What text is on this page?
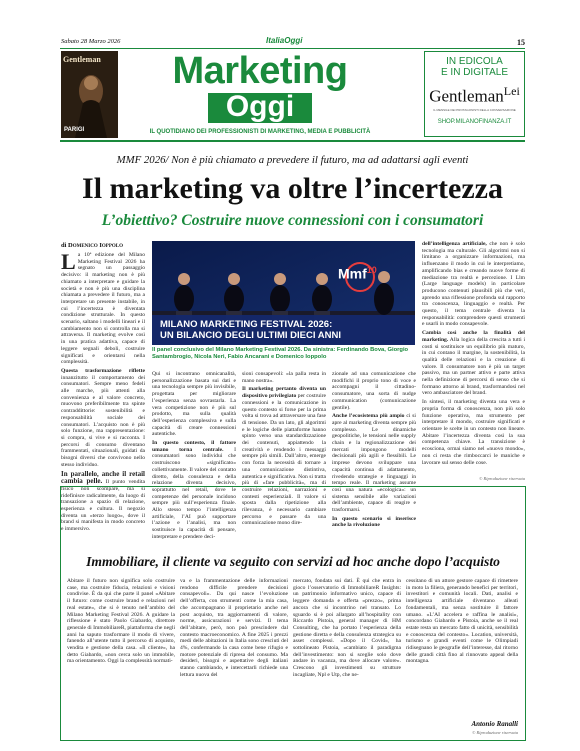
Sabato 28 Marzo 2026	ItaliaOggi	15
Gentleman
PARIGI
Marketing
Oggi
IL QUOTIDIANO DEI PROFESSIONISTI DI MARKETING, MEDIA E PUBBLICITÀ
IN EDICOLA
E IN DIGITALE
Gentleman$^{Lei}$
IL MENSILE DEI PROTAGONISTI DELLA CONVERSAZIONE
SHOP.MILANOFINANZA.IT
MMF 2026/ Non è più chiamato a prevedere il futuro, ma ad adattarsi agli eventi
Il marketing va oltre l’incertezza
L’obiettivo? Costruire nuove connessioni con i consumatori
di Domenico Ioppolo
Mmf$^{10}$
MILANO MARKETING FESTIVAL 2026:
UN BILANCIO DEGLI ULTIMI DIECI ANNI
Il panel conclusivo del Milano Marketing Festival 2026. Da sinistra: Ferdinando Bova, Giorgio Santambrogio, Nicola Neri, Fabio Ancarani e Domenico Ioppolo

La 10ª edizione del Milano Marketing Festival 2026 ha segnato un passaggio decisivo: il marketing non è più chiamato a interpretare e guidare la società e non è più una disciplina chiamata a prevedere il futuro, ma a interpretare un presente instabile, in cui l’incertezza è diventata condizione strutturale. In questo scenario, saltano i modelli lineari e il cambiamento non si controlla ma si attraversa. Il marketing evolve così in una pratica adattiva, capace di leggere segnali deboli, costruire significati e orientarsi nella complessità.

Questa trasformazione riflette innanzitutto il comportamento dei consumatori. Sempre meno fedeli alle marche, più attenti alla convenienza e al valore concreto, muovono preferibilmente tra spinte contraddittorie: sostenibilità e responsabilità sociale dei consumatori. L’acquisto non è più solo funzione, ma rappresentazione: si compra, si vive e si racconta. I percorsi di consumo diventano frammentati, situazionali, guidati da bisogni diversi che convivono nello stesso individuo.

In parallelo, anche il retail cambia pelle. Il punto vendita fisico non scompare, ma si ridefinisce radicalmente, da luogo di transazione a spazio di relazione, esperienza e cultura. Il negozio diventa un «terzo luogo», dove il brand si manifesta in modo concreto e immersivo.

Qui si incontrano omnicanalità, personalizzazione basata sui dati e una tecnologia sempre più invisibile, progettata per migliorare l’esperienza senza sovrastarla. La vera competizione non è più sul prodotto, ma sulla qualità dell’esperienza complessiva e sulla capacità di creare connessioni autentiche.

In questo contesto, il fattore umano torna centrale. I consumatori sono individui che costruiscono «significato» collettivamente. Il valore del contatto diretto, della consulenza e della relazione diventa decisivo, soprattutto nel retail, dove le competenze del personale incidono sempre più sull’esperienza finale. Allo stesso tempo l’intelligenza artificiale, l’AI può supportare l’azione e l’analisi, ma non sostituisce la capacità di pensare, interpretare e prendere deci-

sioni consapevoli: «la palla resta in mano nostra».

Il marketing pertanto diventa un dispositivo privilegiato per costruire connessioni e la comunicazione in questo contesto si forse per la prima volta si trova ad attraversare una fase di tensione. Da un lato, gli algoritmi e le logiche delle piattaforme hanno spinto verso una standardizzazione dei contenuti, appiattendo la creatività e rendendo i messaggi sempre più simili. Dall’altro, emerge con forza la necessità di tornare a una comunicazione distintiva, autentica e significativa. Non si tratta più di «fare pubblicità», ma di costruire relazioni, narrazioni e contesti esperienziali. Il valore si sposta dalla ripetizione alla rilevanza, è necessario cambiare percorso e passare da una comunicazione mono dire-

zionale ad una comunicazione che modifichi il proprio tono di voce e accompagni il cittadino-consumatore, una sorta di nudge communication (comunicazione gentile).

Anche l’ecosistema più ampio ci si apre al marketing diventa sempre più complesso. Le dinamiche geopolitiche, le tensioni nelle supply chain e la regionalizzazione dei mercati impongono modelli decisionali più agili e flessibili. Le imprese devono sviluppare una capacità continua di adattamento, rivedendo strategie e linguaggi in tempo reale. Il marketing assume così una natura «ecologica»: un sistema sensibile alle variazioni dell’ambiente, capace di reagire e trasformarsi.

In questo scenario si inserisce anche la rivoluzione

dell’intelligenza artificiale, che non è solo tecnologia ma culturale. Gli algoritmi non si limitano a organizzare informazioni, ma influenzano il modo in cui le interpretiamo, amplificando bias e creando nuove forme di mediazione tra realtà e percezione. I Llm (Large language models) in particolare producono contenuti plausibili più che veri, aprendo una riflessione profonda sul rapporto tra conoscenza, linguaggio e realtà. Per questo, il tema centrale diventa la responsabilità: comprendere questi strumenti e usarli in modo consapevole.

Cambia così anche la finalità del marketing. Alla logica della crescita a tutti i costi si sostituisce un equilibrio più maturo, in cui contano il margine, la sostenibilità, la qualità delle relazioni e la creazione di valore. Il consumatore non è più un target passivo, ma un partner attivo e parte attiva nella definizione di percorsi di senso che si formano attorno ai brand, trasformandosi nel vero ambasciatore del brand.

In sintesi, il marketing diventa una vera e propria forma di conoscenza, non più solo funzione operativa, ma strumento per interpretare il mondo, costruire significati e orientare le scelte in un contesto non lineare. Abitare l’incertezza diventa così la sua competenza chiave. La transizione è ecosciona, ormai siamo nel «nuovo mondo», non ci resta che rimboccarci le maniche e lavorare sul senso delle cose.

© Riproduzione riservata
Immobiliare, il cliente va seguito con servizi ad hoc anche dopo l’acquisto
Abitare il futuro non significa solo costruire case, ma costruire fiducia, relazioni e visioni condivise. È da qui che parte il panel «Abitare il futuro: come costruire brand e relazioni nel real estate», che si è tenuto nell’ambito del Milano Marketing Festival 2026. A guidare la riflessione è stato Paolo Giabardo, direttore generale di ImmobiliareR, piattaforma che negli anni ha saputo trasformare il modo di vivere, fanendo all’utente tutto il percorso di acquisto, vendita e gestione della casa. «Il cliente», ha detto Giabardo, «non cerca solo un immobile, ma orientamento. Oggi la complessità normati-
va e la frammentazione delle informazioni rendono difficile prendere decisioni consapevoli». Da qui nasce l’evoluzione dell’offerta, con strumenti come la mia casa, che accompagnano il proprietario anche nel post acquisto, tra aggiornamenti di valore, norme, assicurazioni e servizi. Il tema dell’abitare, però, non può prescindere dal contesto macroeconomico. A fine 2025 i prezzi medi delle abitazioni in Italia sono cresciuti del 4%, confermando la casa come bene rifugio e motore potenziale di ripresa del consumo. Ma desideri, bisogni e aspettative degli italiani stanno cambiando, e intercettarli richiede una lettura nuova del
mercato, fondata sui dati. È qui che entra in gioco l’osservatorio di ImmobiliareR Insights: un patrimonio informativo unico, capace di leggere domanda e offerta «prezzo», prima ancora che si incontrino nel transato. Lo sguardo si è poi allargato all’hospitality con Riccardo Pistoia, general manager di HM Consulting, che ha portato l’esperienza della gestione diretta e della consulenza strategica su asset complessi. «Dopo il Covid», ha sottolineato Pistoia, «cambiato il paradigma dell’investimento: non si sceglie solo dove andare in vacanza, ma dove allocare valore». Crescono gli investimenti su strutture incagliate, Npl e Utp, che ne-
cessitano di un attore gestore capace di rimettere in moto la filiera, generando benefici per territori, investitori e comunità locali. Dati, analisi e intelligenza artificiale diventano alleati fondamentali, ma senza sostituire il fattore umano. «L’AI accelera e raffina le analisi», concordano Giabardo e Pistoia, anche se il real estate resta un mercato fatto di unicità, sensibilità e conoscenza del contesto». Location, università, turismo e grandi eventi come le Olimpiadi ridisegnano le geografie dell’interesse, dal ritorno delle grandi città fino al rinnovato appeal della montagna.
Antonio Ranalli
© Riproduzione riservata
